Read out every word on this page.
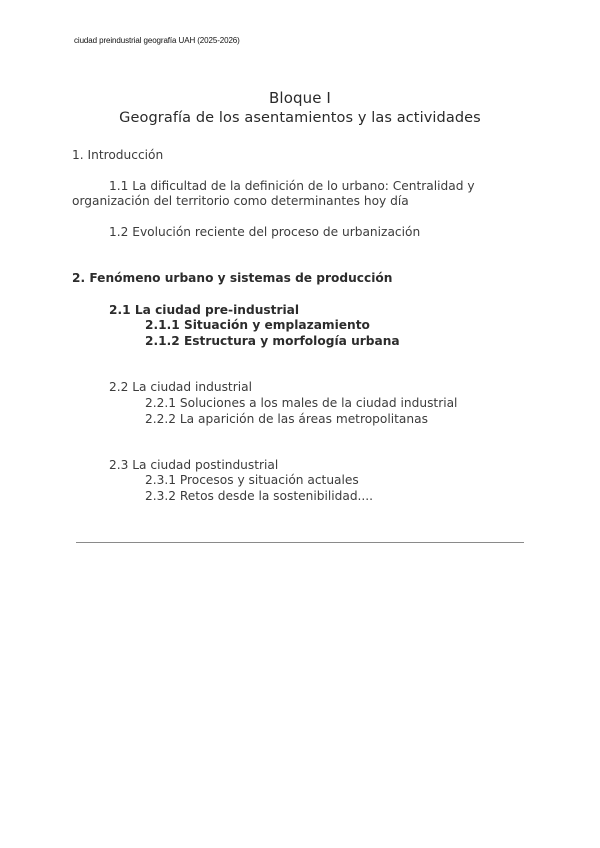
ciudad preindustrial geografía UAH (2025-2026)
Bloque I
Geografía de los asentamientos y las actividades
1. Introducción
1.1 La dificultad de la definición de lo urbano: Centralidad y
organización del territorio como determinantes hoy día
1.2 Evolución reciente del proceso de urbanización
2. Fenómeno urbano y sistemas de producción
2.1 La ciudad pre-industrial
2.1.1 Situación y emplazamiento
2.1.2 Estructura y morfología urbana
2.2 La ciudad industrial
2.2.1 Soluciones a los males de la ciudad industrial
2.2.2 La aparición de las áreas metropolitanas
2.3 La ciudad postindustrial
2.3.1 Procesos y situación actuales
2.3.2 Retos desde la sostenibilidad....
